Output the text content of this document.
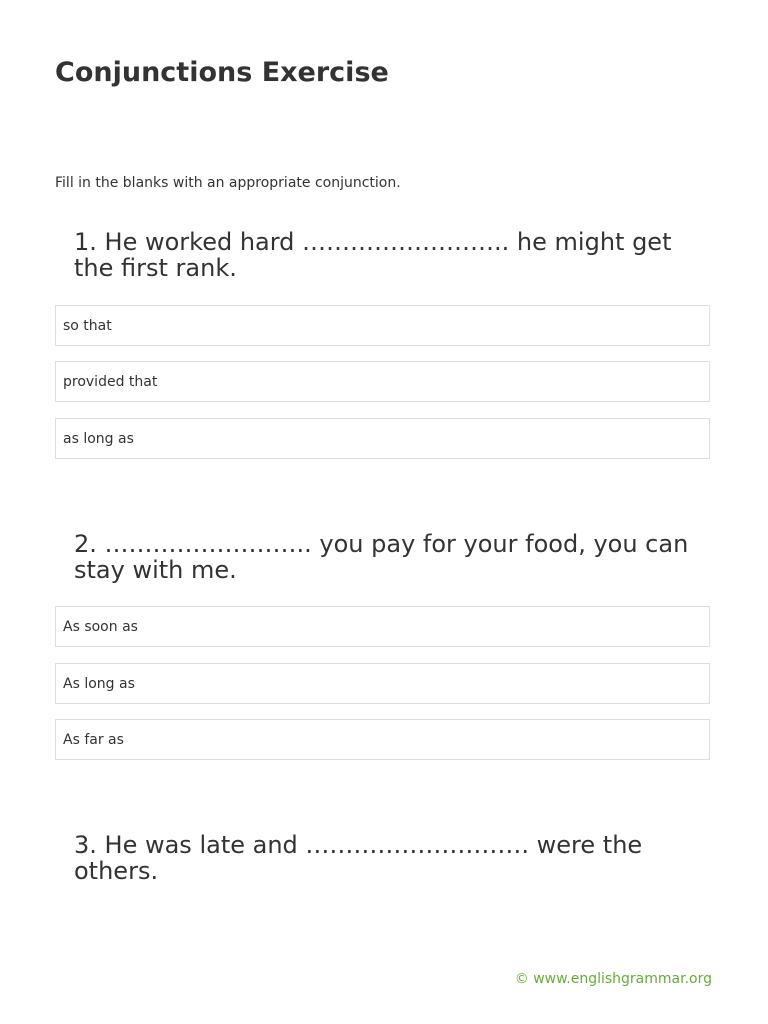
Conjunctions Exercise
Fill in the blanks with an appropriate conjunction.
1. He worked hard …………………….. he might get the first rank.
so that
provided that
as long as
2. …………………….. you pay for your food, you can stay with me.
As soon as
As long as
As far as
3. He was late and ………………………. were the others.
© www.englishgrammar.org
